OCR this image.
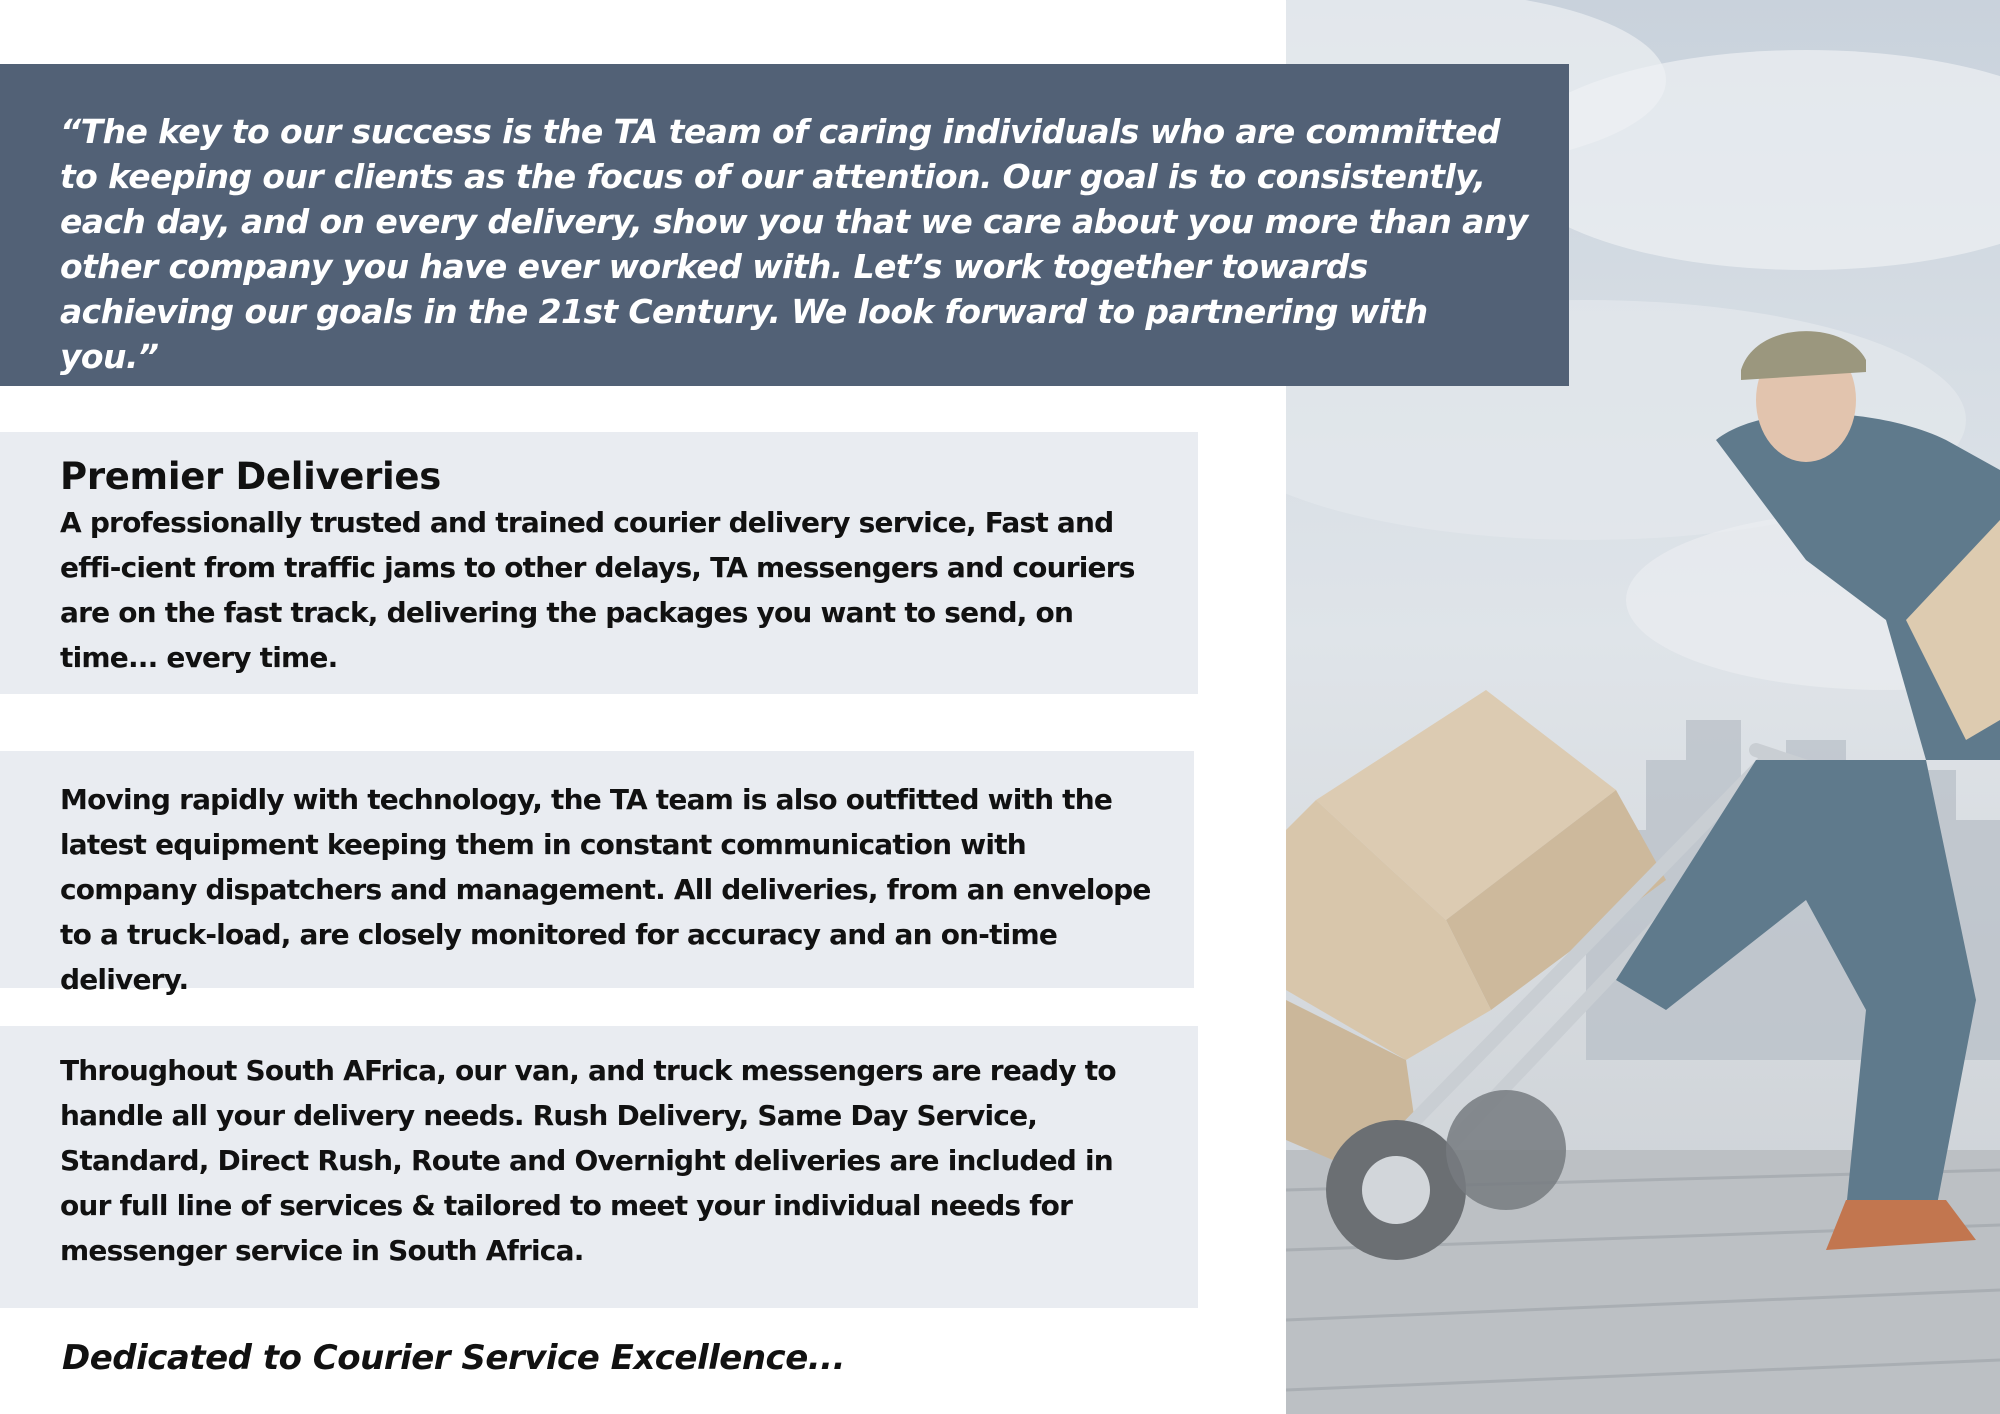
“The key to our success is the TA team of caring individuals who are committed to keeping our clients as the focus of our attention. Our goal is to consistently, each day, and on every delivery, show you that we care about you more than any other company you have ever worked with. Let’s work together towards achieving our goals in the 21st Century. We look forward to partnering with you.”

Premier Deliveries

A professionally trusted and trained courier delivery service, Fast and effi-cient from traffic jams to other delays, TA messengers and couriers are on the fast track, delivering the packages you want to send, on time... every time.

Moving rapidly with technology, the TA team is also outfitted with the latest equipment keeping them in constant communication with company dispatchers and management. All deliveries, from an envelope to a truck-load, are closely monitored for accuracy and an on-time delivery.

Throughout South AFrica, our van, and truck messengers are ready to handle all your delivery needs. Rush Delivery, Same Day Service, Standard, Direct Rush, Route and Overnight deliveries are included in our full line of services & tailored to meet your individual needs for messenger service in South Africa.

Dedicated to Courier Service Excellence...
